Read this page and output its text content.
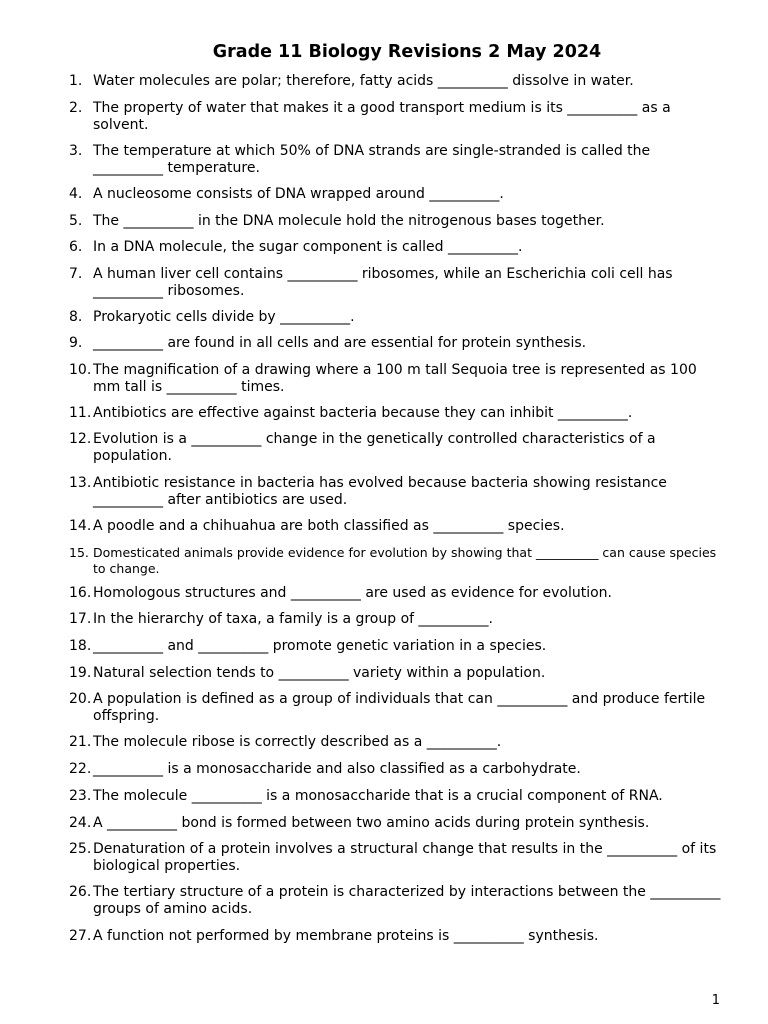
Grade 11 Biology Revisions 2 May 2024
1. Water molecules are polar; therefore, fatty acids __________ dissolve in water.
2. The property of water that makes it a good transport medium is its __________ as a solvent.
3. The temperature at which 50% of DNA strands are single-stranded is called the __________ temperature.
4. A nucleosome consists of DNA wrapped around __________.
5. The __________ in the DNA molecule hold the nitrogenous bases together.
6. In a DNA molecule, the sugar component is called __________.
7. A human liver cell contains __________ ribosomes, while an Escherichia coli cell has __________ ribosomes.
8. Prokaryotic cells divide by __________.
9. __________ are found in all cells and are essential for protein synthesis.
10. The magnification of a drawing where a 100 m tall Sequoia tree is represented as 100 mm tall is __________ times.
11. Antibiotics are effective against bacteria because they can inhibit __________.
12. Evolution is a __________ change in the genetically controlled characteristics of a population.
13. Antibiotic resistance in bacteria has evolved because bacteria showing resistance __________ after antibiotics are used.
14. A poodle and a chihuahua are both classified as __________ species.
15. Domesticated animals provide evidence for evolution by showing that __________ can cause species to change.
16. Homologous structures and __________ are used as evidence for evolution.
17. In the hierarchy of taxa, a family is a group of __________.
18. __________ and __________ promote genetic variation in a species.
19. Natural selection tends to __________ variety within a population.
20. A population is defined as a group of individuals that can __________ and produce fertile offspring.
21. The molecule ribose is correctly described as a __________.
22. __________ is a monosaccharide and also classified as a carbohydrate.
23. The molecule __________ is a monosaccharide that is a crucial component of RNA.
24. A __________ bond is formed between two amino acids during protein synthesis.
25. Denaturation of a protein involves a structural change that results in the __________ of its biological properties.
26. The tertiary structure of a protein is characterized by interactions between the __________ groups of amino acids.
27. A function not performed by membrane proteins is __________ synthesis.
1
